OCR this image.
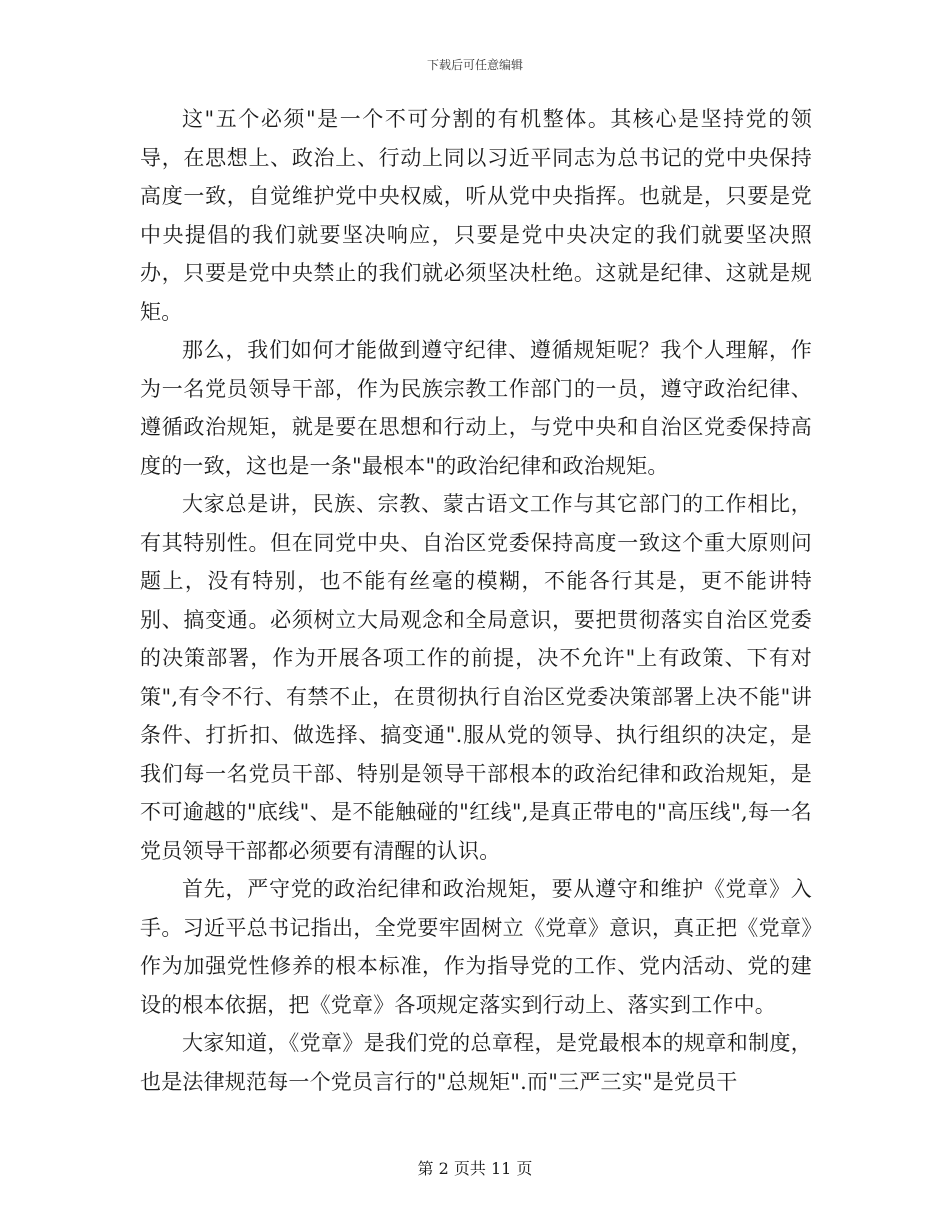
下载后可任意编辑

这"五个必须"是一个不可分割的有机整体。其核心是坚持党的领导，在思想上、政治上、行动上同以习近平同志为总书记的党中央保持高度一致，自觉维护党中央权威，听从党中央指挥。也就是，只要是党中央提倡的我们就要坚决响应，只要是党中央决定的我们就要坚决照办，只要是党中央禁止的我们就必须坚决杜绝。这就是纪律、这就是规矩。

那么，我们如何才能做到遵守纪律、遵循规矩呢？我个人理解，作为一名党员领导干部，作为民族宗教工作部门的一员，遵守政治纪律、遵循政治规矩，就是要在思想和行动上，与党中央和自治区党委保持高度的一致，这也是一条"最根本"的政治纪律和政治规矩。

大家总是讲，民族、宗教、蒙古语文工作与其它部门的工作相比，有其特别性。但在同党中央、自治区党委保持高度一致这个重大原则问题上，没有特别，也不能有丝毫的模糊，不能各行其是，更不能讲特别、搞变通。必须树立大局观念和全局意识，要把贯彻落实自治区党委的决策部署，作为开展各项工作的前提，决不允许"上有政策、下有对策",有令不行、有禁不止，在贯彻执行自治区党委决策部署上决不能"讲条件、打折扣、做选择、搞变通".服从党的领导、执行组织的决定，是我们每一名党员干部、特别是领导干部根本的政治纪律和政治规矩，是不可逾越的"底线"、是不能触碰的"红线",是真正带电的"高压线",每一名党员领导干部都必须要有清醒的认识。

首先，严守党的政治纪律和政治规矩，要从遵守和维护《党章》入手。习近平总书记指出，全党要牢固树立《党章》意识，真正把《党章》作为加强党性修养的根本标准，作为指导党的工作、党内活动、党的建设的根本依据，把《党章》各项规定落实到行动上、落实到工作中。

大家知道，《党章》是我们党的总章程，是党最根本的规章和制度，也是法律规范每一个党员言行的"总规矩".而"三严三实"是党员干

第 2 页共 11 页
